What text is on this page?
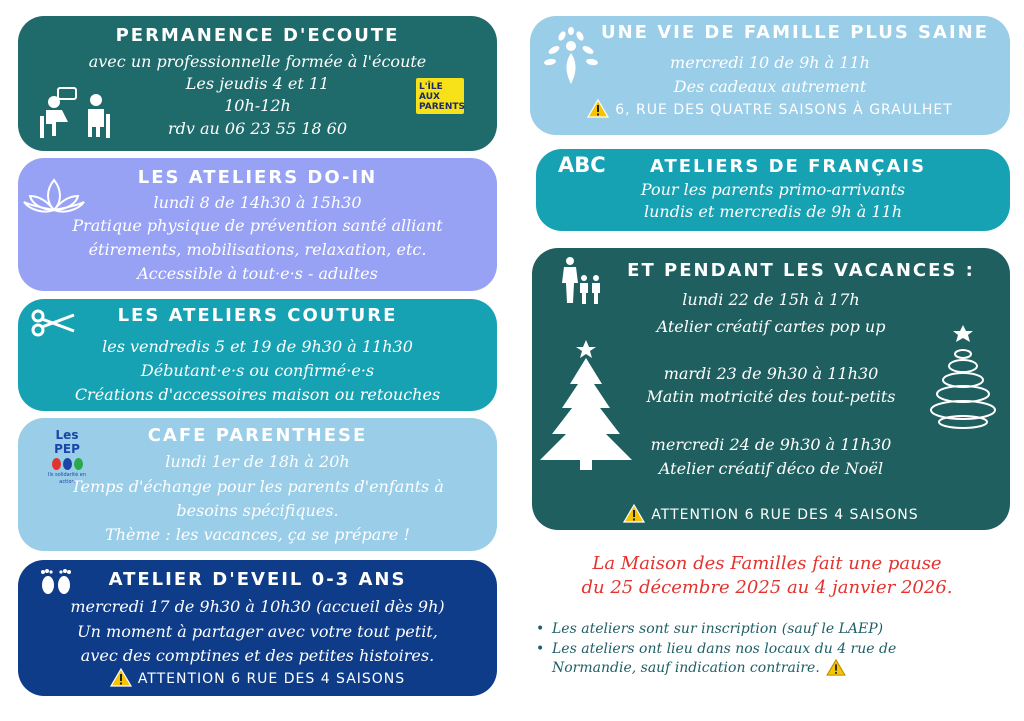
PERMANENCE D'ECOUTE
avec un professionnelle formée à l'écoute
Les jeudis 4 et 11
10h-12h
rdv au 06 23 55 18 60
L'ÎLE AUX PARENTS
LES ATELIERS DO-IN
lundi 8 de 14h30 à 15h30
Pratique physique de prévention santé alliant
étirements, mobilisations, relaxation, etc.
Accessible à tout·e·s - adultes
LES ATELIERS COUTURE
les vendredis 5 et 19 de 9h30 à 11h30
Débutant·e·s ou confirmé·e·s
Créations d'accessoires maison ou retouches
CAFE PARENTHESE
lundi 1er de 18h à 20h
Temps d'échange pour les parents d'enfants à
besoins spécifiques.
Thème : les vacances, ça se prépare !
Les PEP
Ils solidarité en action
ATELIER D'EVEIL 0-3 ANS
mercredi 17 de 9h30 à 10h30 (accueil dès 9h)
Un moment à partager avec votre tout petit,
avec des comptines et des petites histoires.
ATTENTION 6 RUE DES 4 SAISONS
UNE VIE DE FAMILLE PLUS SAINE
mercredi 10 de 9h à 11h
Des cadeaux autrement
6, RUE DES QUATRE SAISONS À GRAULHET
ATELIERS DE FRANÇAIS
Pour les parents primo-arrivants
lundis et mercredis de 9h à 11h
ABC
ET PENDANT LES VACANCES :
lundi 22 de 15h à 17h
Atelier créatif cartes pop up
mardi 23 de 9h30 à 11h30
Matin motricité des tout-petits
mercredi 24 de 9h30 à 11h30
Atelier créatif déco de Noël
ATTENTION 6 RUE DES 4 SAISONS
La Maison des Familles fait une pause
du 25 décembre 2025 au 4 janvier 2026.
• Les ateliers sont sur inscription (sauf le LAEP)
• Les ateliers ont lieu dans nos locaux du 4 rue de
Normandie, sauf indication contraire.
